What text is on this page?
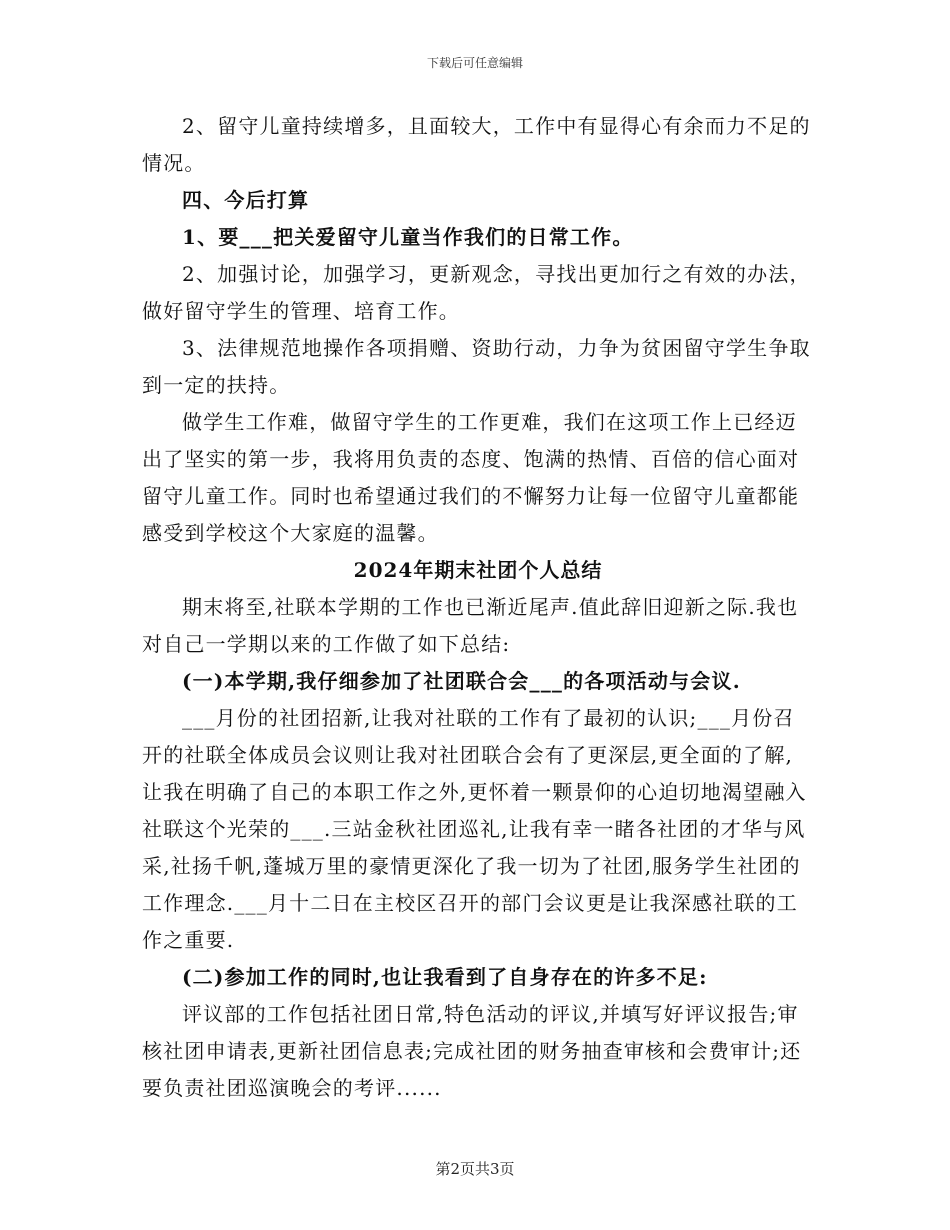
下载后可任意编辑

2、留守儿童持续增多，且面较大，工作中有显得心有余而力不足的情况。

四、今后打算

1、要___把关爱留守儿童当作我们的日常工作。

2、加强讨论，加强学习，更新观念，寻找出更加行之有效的办法，做好留守学生的管理、培育工作。

3、法律规范地操作各项捐赠、资助行动，力争为贫困留守学生争取到一定的扶持。

做学生工作难，做留守学生的工作更难，我们在这项工作上已经迈出了坚实的第一步，我将用负责的态度、饱满的热情、百倍的信心面对留守儿童工作。同时也希望通过我们的不懈努力让每一位留守儿童都能感受到学校这个大家庭的温馨。

2024年期末社团个人总结

期末将至,社联本学期的工作也已渐近尾声.值此辞旧迎新之际.我也对自己一学期以来的工作做了如下总结:

(一)本学期,我仔细参加了社团联合会___的各项活动与会议.

___月份的社团招新,让我对社联的工作有了最初的认识;___月份召开的社联全体成员会议则让我对社团联合会有了更深层,更全面的了解,让我在明确了自己的本职工作之外,更怀着一颗景仰的心迫切地渴望融入社联这个光荣的___.三站金秋社团巡礼,让我有幸一睹各社团的才华与风采,社扬千帆,蓬城万里的豪情更深化了我一切为了社团,服务学生社团的工作理念.___月十二日在主校区召开的部门会议更是让我深感社联的工作之重要.

(二)参加工作的同时,也让我看到了自身存在的许多不足:

评议部的工作包括社团日常,特色活动的评议,并填写好评议报告;审核社团申请表,更新社团信息表;完成社团的财务抽查审核和会费审计;还要负责社团巡演晚会的考评......

第2页共3页
